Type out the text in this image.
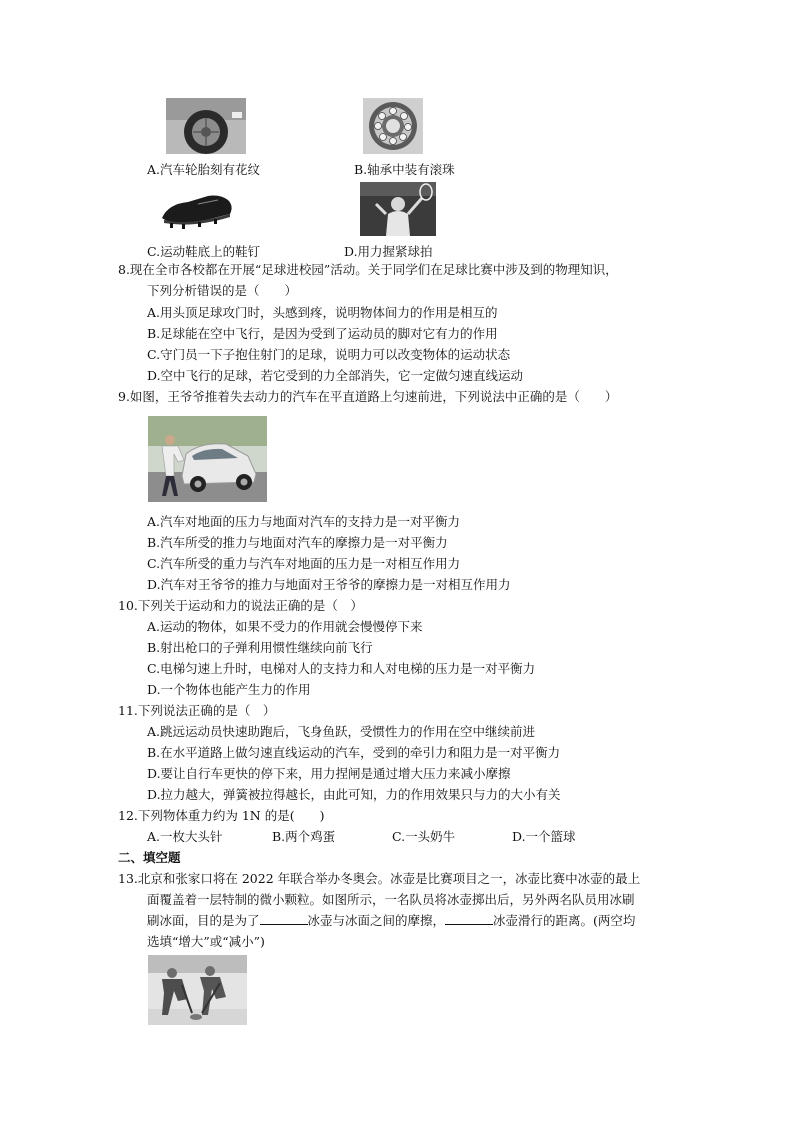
A.汽车轮胎刻有花纹	B.轴承中装有滚珠
C.运动鞋底上的鞋钉	D.用力握紧球拍
8.现在全市各校都在开展“足球进校园”活动。关于同学们在足球比赛中涉及到的物理知识，
下列分析错误的是（　　）
A.用头顶足球攻门时，头感到疼，说明物体间力的作用是相互的
B.足球能在空中飞行，是因为受到了运动员的脚对它有力的作用
C.守门员一下子抱住射门的足球，说明力可以改变物体的运动状态
D.空中飞行的足球，若它受到的力全部消失，它一定做匀速直线运动
9.如图，王爷爷推着失去动力的汽车在平直道路上匀速前进，下列说法中正确的是（　　）
A.汽车对地面的压力与地面对汽车的支持力是一对平衡力
B.汽车所受的推力与地面对汽车的摩擦力是一对平衡力
C.汽车所受的重力与汽车对地面的压力是一对相互作用力
D.汽车对王爷爷的推力与地面对王爷爷的摩擦力是一对相互作用力
10.下列关于运动和力的说法正确的是（　）
A.运动的物体，如果不受力的作用就会慢慢停下来
B.射出枪口的子弹利用惯性继续向前飞行
C.电梯匀速上升时，电梯对人的支持力和人对电梯的压力是一对平衡力
D.一个物体也能产生力的作用
11.下列说法正确的是（　）
A.跳远运动员快速助跑后，飞身鱼跃，受惯性力的作用在空中继续前进
B.在水平道路上做匀速直线运动的汽车，受到的牵引力和阻力是一对平衡力
D.要让自行车更快的停下来，用力捏闸是通过增大压力来减小摩擦
D.拉力越大，弹簧被拉得越长，由此可知，力的作用效果只与力的大小有关
12.下列物体重力约为 1N 的是(　　)
A.一枚大头针	B.两个鸡蛋	C.一头奶牛	D.一个篮球
二、填空题
13.北京和张家口将在 2022 年联合举办冬奥会。冰壶是比赛项目之一，冰壶比赛中冰壶的最上
面覆盖着一层特制的微小颗粒。如图所示，一名队员将冰壶掷出后，另外两名队员用冰刷
刷冰面，目的是为了	冰壶与冰面之间的摩擦，	冰壶滑行的距离。(两空均
选填“增大”或“减小”)
